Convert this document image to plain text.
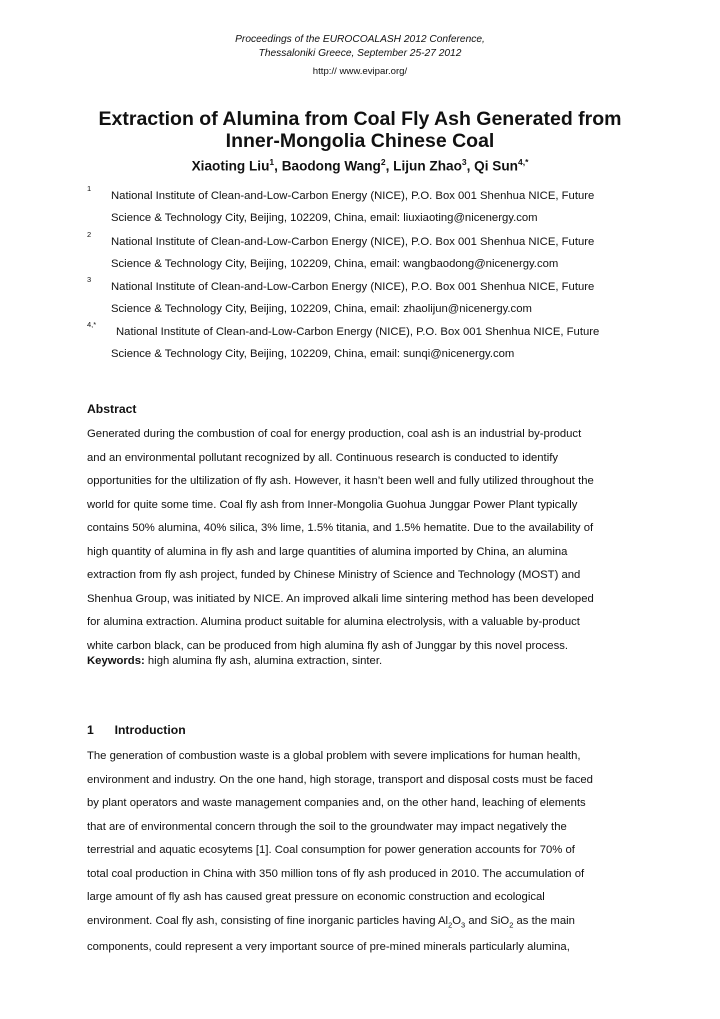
Proceedings of the EUROCOALASH 2012 Conference,
Thessaloniki Greece, September 25-27 2012
http:// www.evipar.org/
Extraction of Alumina from Coal Fly Ash Generated from
Inner-Mongolia Chinese Coal
Xiaoting Liu$^1$, Baodong Wang$^2$, Lijun Zhao$^3$, Qi Sun$^{4,*}$
1
National Institute of Clean-and-Low-Carbon Energy (NICE), P.O. Box 001 Shenhua NICE, Future
Science & Technology City, Beijing, 102209, China, email: liuxiaoting@nicenergy.com
2
National Institute of Clean-and-Low-Carbon Energy (NICE), P.O. Box 001 Shenhua NICE, Future
Science & Technology City, Beijing, 102209, China, email: wangbaodong@nicenergy.com
3
National Institute of Clean-and-Low-Carbon Energy (NICE), P.O. Box 001 Shenhua NICE, Future
Science & Technology City, Beijing, 102209, China, email: zhaolijun@nicenergy.com
4,*
National Institute of Clean-and-Low-Carbon Energy (NICE), P.O. Box 001 Shenhua NICE, Future
Science & Technology City, Beijing, 102209, China, email: sunqi@nicenergy.com
Abstract
Generated during the combustion of coal for energy production, coal ash is an industrial by-product
and an environmental pollutant recognized by all. Continuous research is conducted to identify
opportunities for the ultilization of fly ash. However, it hasn’t been well and fully utilized throughout the
world for quite some time. Coal fly ash from Inner-Mongolia Guohua Junggar Power Plant typically
contains 50% alumina, 40% silica, 3% lime, 1.5% titania, and 1.5% hematite. Due to the availability of
high quantity of alumina in fly ash and large quantities of alumina imported by China, an alumina
extraction from fly ash project, funded by Chinese Ministry of Science and Technology (MOST) and
Shenhua Group, was initiated by NICE. An improved alkali lime sintering method has been developed
for alumina extraction. Alumina product suitable for alumina electrolysis, with a valuable by-product
white carbon black, can be produced from high alumina fly ash of Junggar by this novel process.
Keywords: high alumina fly ash, alumina extraction, sinter.
1 Introduction
The generation of combustion waste is a global problem with severe implications for human health,
environment and industry. On the one hand, high storage, transport and disposal costs must be faced
by plant operators and waste management companies and, on the other hand, leaching of elements
that are of environmental concern through the soil to the groundwater may impact negatively the
terrestrial and aquatic ecosytems [1]. Coal consumption for power generation accounts for 70% of
total coal production in China with 350 million tons of fly ash produced in 2010. The accumulation of
large amount of fly ash has caused great pressure on economic construction and ecological
environment. Coal fly ash, consisting of fine inorganic particles having $Al_2O_3$ and SiO$_2$ as the main
components, could represent a very important source of pre-mined minerals particularly alumina,
